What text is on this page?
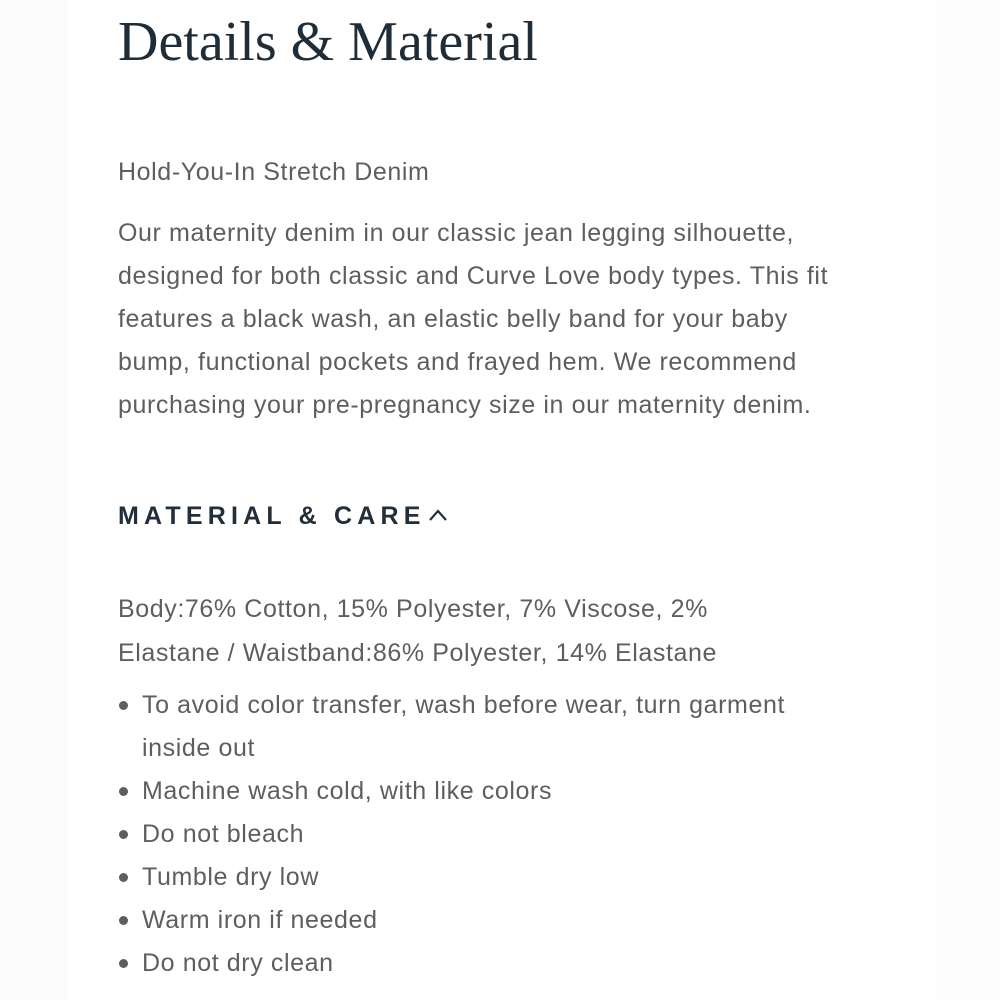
Details & Material
Hold-You-In Stretch Denim

Our maternity denim in our classic jean legging silhouette,
designed for both classic and Curve Love body types. This fit
features a black wash, an elastic belly band for your baby
bump, functional pockets and frayed hem. We recommend
purchasing your pre-pregnancy size in our maternity denim.

MATERIAL & CARE
Body:76% Cotton, 15% Polyester, 7% Viscose, 2%
Elastane / Waistband:86% Polyester, 14% Elastane
To avoid color transfer, wash before wear, turn garment
inside out
Machine wash cold, with like colors
Do not bleach
Tumble dry low
Warm iron if needed
Do not dry clean
